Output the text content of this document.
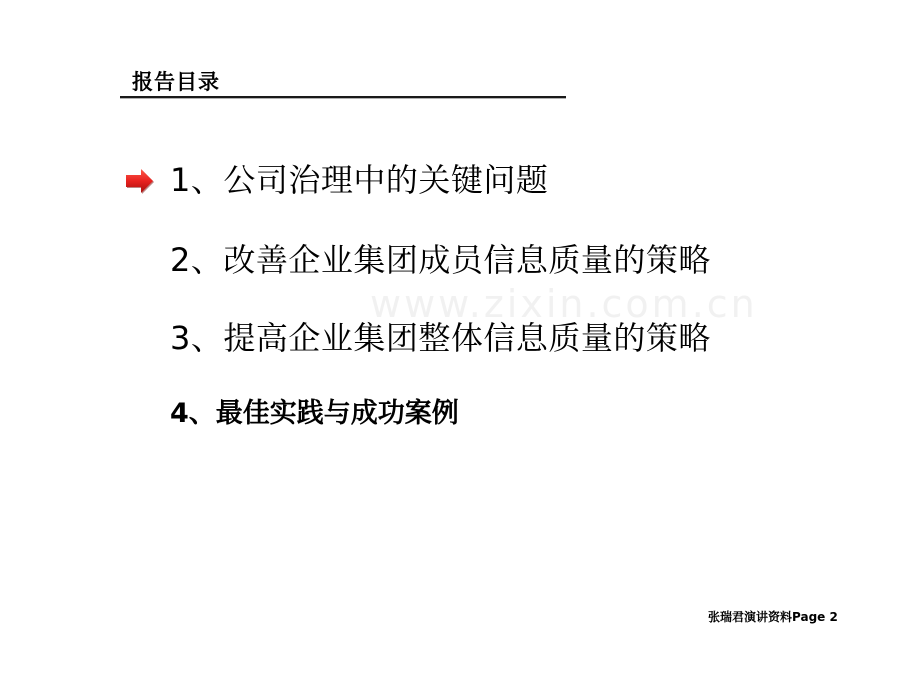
报告目录
www.zixin.com.cn
1、公司治理中的关键问题
2、改善企业集团成员信息质量的策略
3、提高企业集团整体信息质量的策略
4、最佳实践与成功案例
张瑞君演讲资料Page 2
